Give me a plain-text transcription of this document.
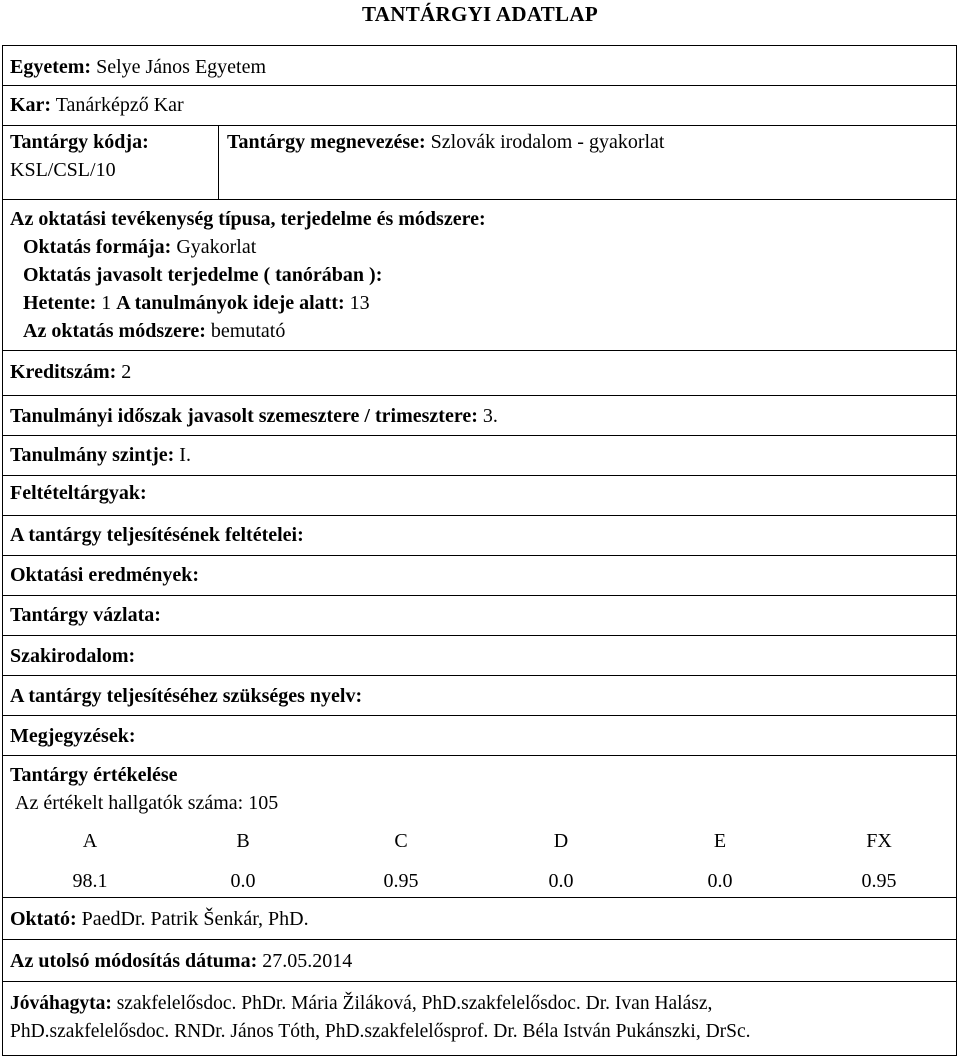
TANTÁRGYI ADATLAP
Egyetem: Selye János Egyetem
Kar: Tanárképző Kar
Tantárgy kódja:
KSL/CSL/10
Tantárgy megnevezése: Szlovák irodalom - gyakorlat
Az oktatási tevékenység típusa, terjedelme és módszere:
Oktatás formája: Gyakorlat
Oktatás javasolt terjedelme ( tanórában ):
Hetente: 1 A tanulmányok ideje alatt: 13
Az oktatás módszere: bemutató
Kreditszám: 2
Tanulmányi időszak javasolt szemesztere / trimesztere: 3.
Tanulmány szintje: I.
Feltételtárgyak:
A tantárgy teljesítésének feltételei:
Oktatási eredmények:
Tantárgy vázlata:
Szakirodalom:
A tantárgy teljesítéséhez szükséges nyelv:
Megjegyzések:
Tantárgy értékelése
Az értékelt hallgatók száma: 105
A	B	C	D	E	FX
98.1	0.0	0.95	0.0	0.0	0.95
Oktató: PaedDr. Patrik Šenkár, PhD.
Az utolsó módosítás dátuma: 27.05.2014
Jóváhagyta: szakfelelősdoc. PhDr. Mária Žiláková, PhD.szakfelelősdoc. Dr. Ivan Halász,
PhD.szakfelelősdoc. RNDr. János Tóth, PhD.szakfelelősprof. Dr. Béla István Pukánszki, DrSc.
